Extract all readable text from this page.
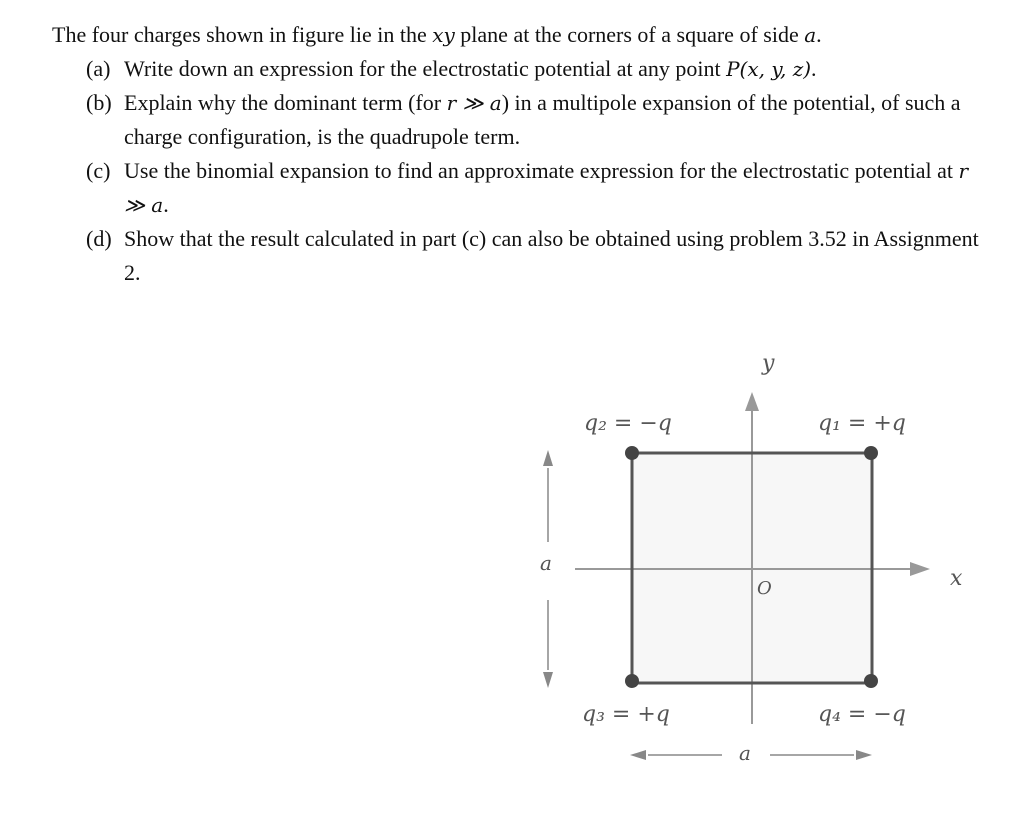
The four charges shown in figure lie in the xy plane at the corners of a square of side a.

(a) Write down an expression for the electrostatic potential at any point P(x, y, z).
(b) Explain why the dominant term (for r ≫ a) in a multipole expansion of the potential, of such a charge configuration, is the quadrupole term.
(c) Use the binomial expansion to find an approximate expression for the electrostatic potential at r ≫ a.
(d) Show that the result calculated in part (c) can also be obtained using problem 3.52 in Assignment 2.
y
x
O
a
a
q₂ = −q	q₁ = +q
q₃ = +q	q₄ = −q
